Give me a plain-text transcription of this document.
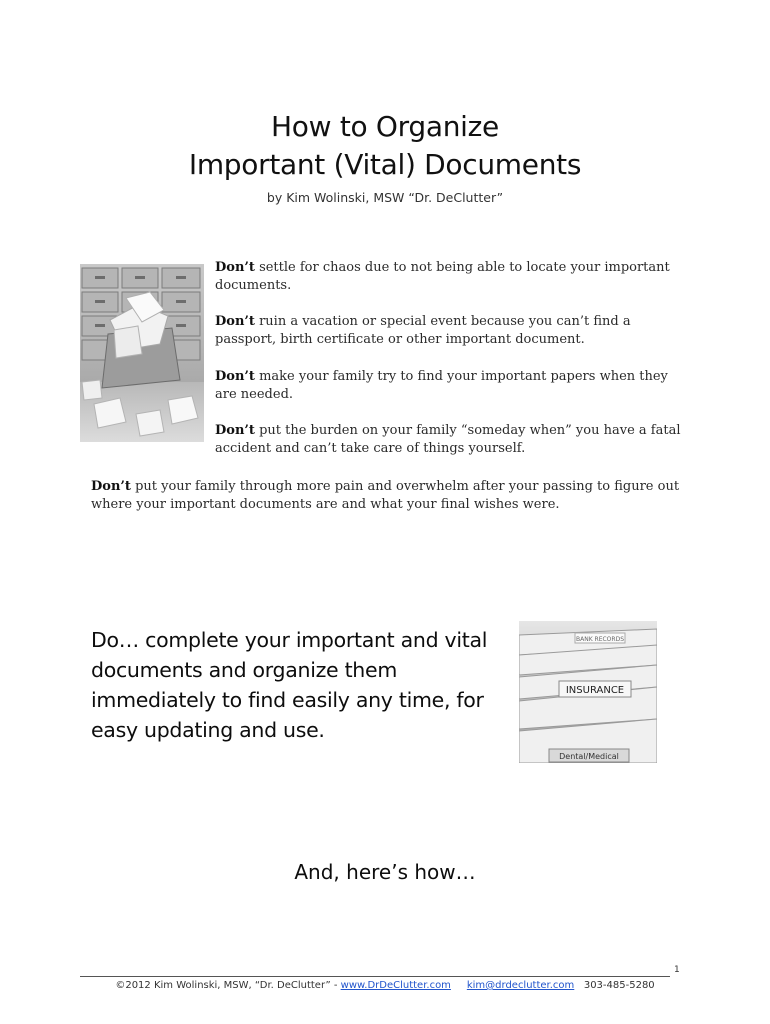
How to Organize
Important (Vital) Documents
by Kim Wolinski, MSW “Dr. DeClutter”

Don’t settle for chaos due to not being able to locate your important documents.

Don’t ruin a vacation or special event because you can’t find a passport, birth certificate or other important document.

Don’t make your family try to find your important papers when they are needed.

Don’t put the burden on your family “someday when” you have a fatal accident and can’t take care of things yourself.

Don’t put your family through more pain and overwhelm after your passing to figure out where your important documents are and what your final wishes were.

Do… complete your important and vital documents and organize them immediately to find easily any time, for easy updating and use.
BANK RECORDS
INSURANCE
Dental/Medical
And, here’s how…
1
©2012 Kim Wolinski, MSW, “Dr. DeClutter” - www.DrDeClutter.com kim@drdeclutter.com 303-485-5280
